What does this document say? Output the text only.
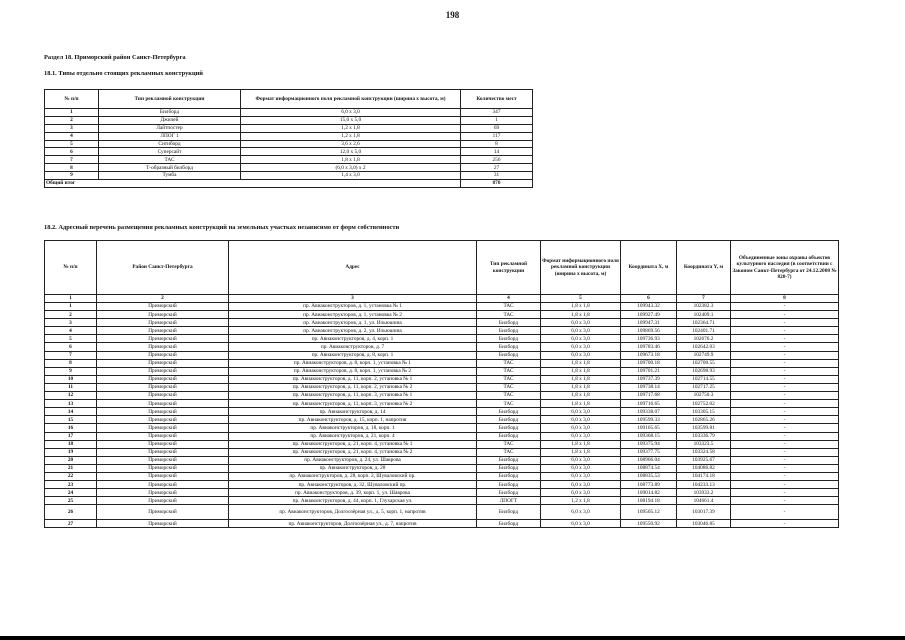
198
Раздел 18. Приморский район Санкт-Петербурга
18.1. Типы отдельно стоящих рекламных конструкций
№ п/п	Тип рекламной конструкции	Формат информационного поля рекламной конструкции (ширина х высота, м)	Количество мест
1	Билборд	6,0 х 3,0	347
2	Джилей	15,0 х 5,0	1
3	Лайтпостер	1,2 х 1,8	69
4	ЛПОГ 1	1,2 х 1,8	117
5	Ситиборд	3,6 х 2,6	8
6	Суперсайт	12,0 х 5,0	14
7	ТАС	1,8 х 1,8	256
8	Т-образный билборд	(6,0 х 3,0) х 2	27
9	Тумба	1,4 х 3,0	31
Общий итог			870
18.2. Адресный перечень размещения рекламных конструкций на земельных участках независимо от форм собственности
№ п/п	Район Санкт-Петербурга	Адрес	Тип рекламной конструкции	Формат информационного поля рекламной конструкции (ширина х высота, м)	Координата X, м	Координата Y, м	Объединенные зоны охраны объектов культурного наследия (в соответствии с Законом Санкт-Петербурга от 24.12.2008 № 820-7)
1	2	3	4	5	6	7	8
1	Приморский	пр. Авиаконструкторов, д. 1, установка № 1	ТАС	1,8 х 1,8	109943.32	102382.3	-
2	Приморский	пр. Авиаконструкторов, д. 1, установка № 2	ТАС	1,8 х 1,8	109927.49	102409.1	-
3	Приморский	пр. Авиаконструкторов, д. 1, ул. Ильюшина	Билборд	6,0 х 3,0	109947.31	102364.71	-
4	Приморский	пр. Авиаконструкторов, д. 2, ул. Ильюшина	Билборд	6,0 х 3,0	109869.56	102401.71	-
5	Приморский	пр. Авиаконструкторов, д. 4, корп. 1	Билборд	6,0 х 3,0	109736.93	102676.2	-
6	Приморский	пр. Авиаконструкторов, д. 7	Билборд	6,0 х 3,0	109783.46	102642.03	-
7	Приморский	пр. Авиаконструкторов, д. 8, корп. 1	Билборд	6,0 х 3,0	109673.18	102749.9	-
8	Приморский	пр. Авиаконструкторов, д. 8, корп. 1, установка № 1	ТАС	1,8 х 1,8	109700.18	102700.55	-
9	Приморский	пр. Авиаконструкторов, д. 8, корп. 1, установка № 2	ТАС	1,8 х 1,8	109701.21	102698.93	-
10	Приморский	пр. Авиаконструкторов, д. 11, корп. 2, установка № 1	ТАС	1,8 х 1,8	109737.39	102714.55	-
11	Приморский	пр. Авиаконструкторов, д. 11, корп. 2, установка № 2	ТАС	1,8 х 1,8	109738.14	102717.25	-
12	Приморский	пр. Авиаконструкторов, д. 11, корп. 3, установка № 1	ТАС	1,8 х 1,8	109717.68	102750.3	-
13	Приморский	пр. Авиаконструкторов, д. 11, корп. 3, установка № 2	ТАС	1,8 х 1,8	109716.65	102752.02	-
14	Приморский	пр. Авиаконструкторов, д. 14	Билборд	6,0 х 3,0	109338.07	103305.15	-
15	Приморский	пр. Авиаконструкторов, д. 15, корп. 1, напротив	Билборд	6,0 х 3,0	109599.33	102865.26	-
16	Приморский	пр. Авиаконструкторов, д. 18, корп. 1	Билборд	6,0 х 3,0	109165.65	103599.81	-
17	Приморский	пр. Авиаконструкторов, д. 21, корп. 4	Билборд	6,0 х 3,0	109368.15	103336.79	-
18	Приморский	пр. Авиаконструкторов, д. 21, корп. 4, установка № 1	ТАС	1,8 х 1,8	109375.94	103323.5	-
19	Приморский	пр. Авиаконструкторов, д. 21, корп. 4, установка № 2	ТАС	1,8 х 1,8	109377.75	103324.58	-
20	Приморский	пр. Авиаконструкторов, д. 24, ул. Шаврова	Билборд	6,0 х 3,0	108966.04	103925.67	-
21	Приморский	пр. Авиаконструкторов, д. 28	Билборд	6,0 х 3,0	108874.54	104086.82	-
22	Приморский	пр. Авиаконструкторов, д. 28, корп. 2, Шуваловский пр.	Билборд	6,0 х 3,0	108835.53	104174.18	-
23	Приморский	пр. Авиаконструкторов, д. 32, Шуваловский пр.	Билборд	6,0 х 3,0	108773.89	104233.13	-
24	Приморский	пр. Авиаконструкторов, д. 39, корп. 1, ул. Шаврова	Билборд	6,0 х 3,0	109014.82	103933.2	-
25	Приморский	пр. Авиаконструкторов, д. 44, корп. 1, Глухарская ул.	ЛПОГТ	1,2 х 1,8	108194.18	104661.4	-
26	Приморский	пр. Авиаконструкторов, Долгоозёрная ул., д. 5, корп. 1, напротив	Билборд	6,0 х 3,0	109505.12	103017.39	-
27	Приморский	пр. Авиаконструкторов, Долгоозёрная ул., д. 7, напротив	Билборд	6,0 х 3,0	109550.92	103046.85	-
